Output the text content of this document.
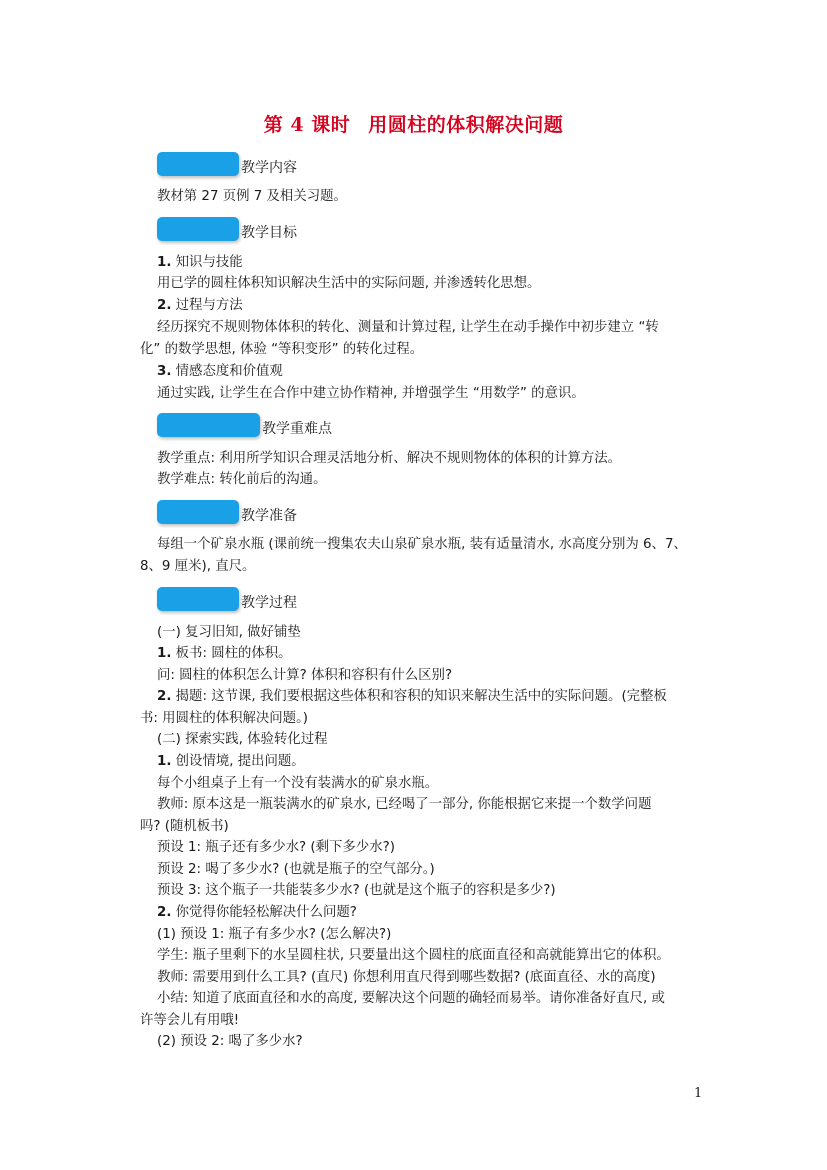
第 4 课时 用圆柱的体积解决问题
教学内容
教材第 27 页例 7 及相关习题。
教学目标
1. 知识与技能
用已学的圆柱体积知识解决生活中的实际问题, 并渗透转化思想。
2. 过程与方法
经历探究不规则物体体积的转化、测量和计算过程, 让学生在动手操作中初步建立 “转
化” 的数学思想, 体验 “等积变形” 的转化过程。
3. 情感态度和价值观
通过实践, 让学生在合作中建立协作精神, 并增强学生 “用数学” 的意识。
教学重难点
教学重点: 利用所学知识合理灵活地分析、解决不规则物体的体积的计算方法。
教学难点: 转化前后的沟通。
教学准备
每组一个矿泉水瓶 (课前统一搜集农夫山泉矿泉水瓶, 装有适量清水, 水高度分别为 6、7、
8、9 厘米), 直尺。
教学过程
(一) 复习旧知, 做好铺垫
1. 板书: 圆柱的体积。
问: 圆柱的体积怎么计算? 体积和容积有什么区别?
2. 揭题: 这节课, 我们要根据这些体积和容积的知识来解决生活中的实际问题。(完整板
书: 用圆柱的体积解决问题。)
(二) 探索实践, 体验转化过程
1. 创设情境, 提出问题。
每个小组桌子上有一个没有装满水的矿泉水瓶。
教师: 原本这是一瓶装满水的矿泉水, 已经喝了一部分, 你能根据它来提一个数学问题
吗? (随机板书)
预设 1: 瓶子还有多少水? (剩下多少水?)
预设 2: 喝了多少水? (也就是瓶子的空气部分。)
预设 3: 这个瓶子一共能装多少水? (也就是这个瓶子的容积是多少?)
2. 你觉得你能轻松解决什么问题?
(1) 预设 1: 瓶子有多少水? (怎么解决?)
学生: 瓶子里剩下的水呈圆柱状, 只要量出这个圆柱的底面直径和高就能算出它的体积。
教师: 需要用到什么工具? (直尺) 你想利用直尺得到哪些数据? (底面直径、水的高度)
小结: 知道了底面直径和水的高度, 要解决这个问题的确轻而易举。请你准备好直尺, 或
许等会儿有用哦!
(2) 预设 2: 喝了多少水?
1
